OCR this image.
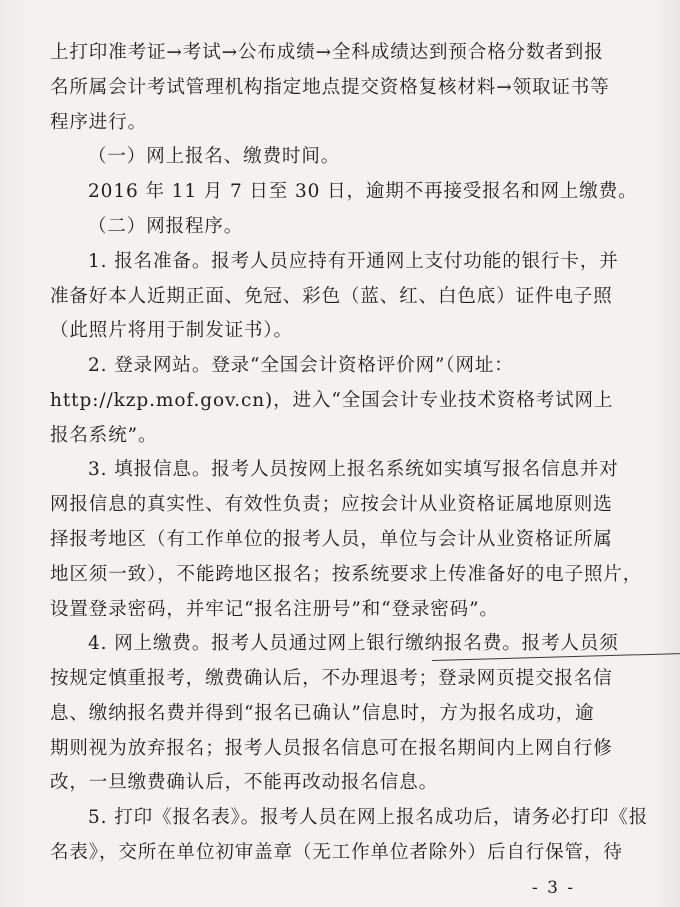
上打印准考证→考试→公布成绩→全科成绩达到预合格分数者到报
名所属会计考试管理机构指定地点提交资格复核材料→领取证书等
程序进行。
（一）网上报名、缴费时间。
2016 年 11 月 7 日至 30 日，逾期不再接受报名和网上缴费。
（二）网报程序。
1. 报名准备。报考人员应持有开通网上支付功能的银行卡，并
准备好本人近期正面、免冠、彩色（蓝、红、白色底）证件电子照
（此照片将用于制发证书）。
2. 登录网站。登录“全国会计资格评价网”（网址：
http://kzp.mof.gov.cn)，进入“全国会计专业技术资格考试网上
报名系统”。
3. 填报信息。报考人员按网上报名系统如实填写报名信息并对
网报信息的真实性、有效性负责；应按会计从业资格证属地原则选
择报考地区（有工作单位的报考人员，单位与会计从业资格证所属
地区须一致），不能跨地区报名；按系统要求上传准备好的电子照片，
设置登录密码，并牢记“报名注册号”和“登录密码”。
4. 网上缴费。报考人员通过网上银行缴纳报名费。报考人员须
按规定慎重报考，缴费确认后，不办理退考；登录网页提交报名信
息、缴纳报名费并得到“报名已确认”信息时，方为报名成功，逾
期则视为放弃报名；报考人员报名信息可在报名期间内上网自行修
改，一旦缴费确认后，不能再改动报名信息。
5. 打印《报名表》。报考人员在网上报名成功后，请务必打印《报
- 3 -
名表》，交所在单位初审盖章（无工作单位者除外）后自行保管，待
